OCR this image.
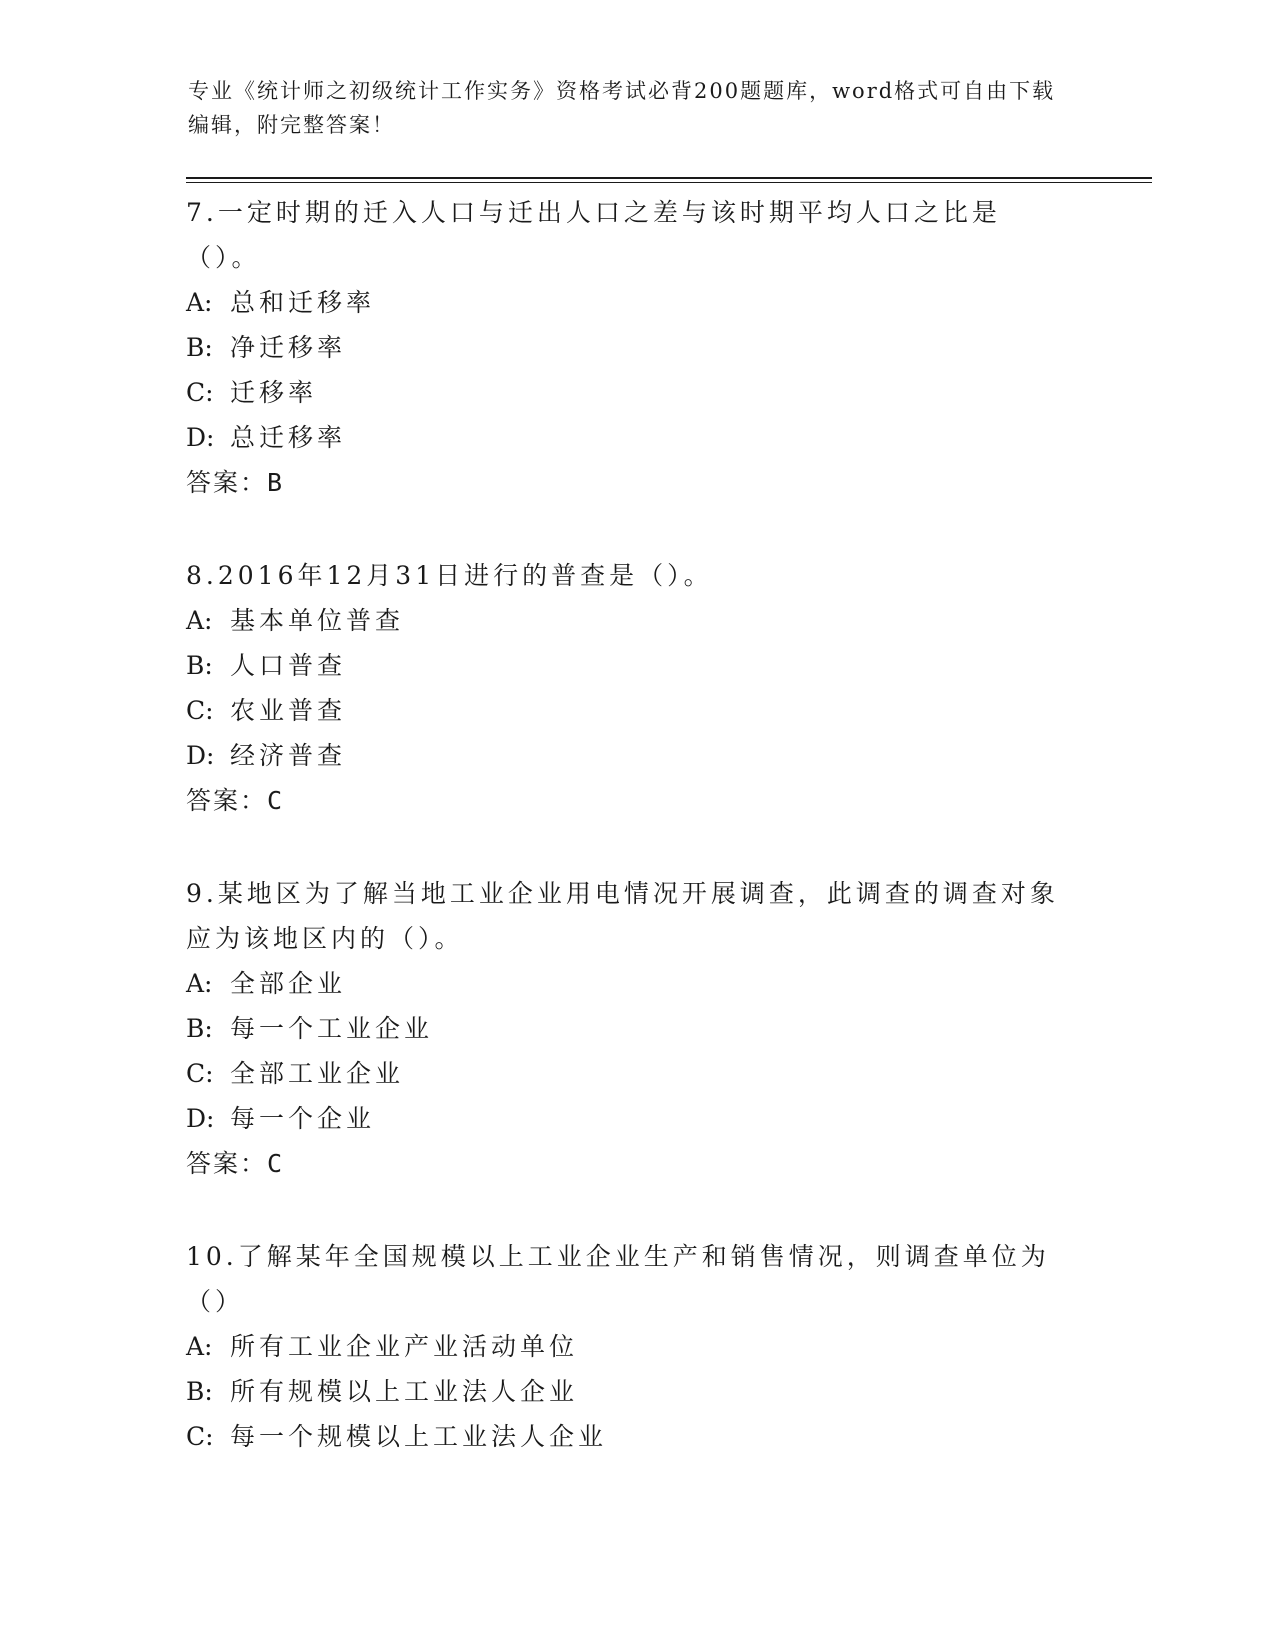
专业《统计师之初级统计工作实务》资格考试必背200题题库，word格式可自由下载编辑，附完整答案！

7.一定时期的迁入人口与迁出人口之差与该时期平均人口之比是（）。

A: 总和迁移率
B: 净迁移率
C: 迁移率
D: 总迁移率
答案：B

8.2016年12月31日进行的普查是（）。

A: 基本单位普查
B: 人口普查
C: 农业普查
D: 经济普查
答案：C

9.某地区为了解当地工业企业用电情况开展调查，此调查的调查对象应为该地区内的（）。

A: 全部企业
B: 每一个工业企业
C: 全部工业企业
D: 每一个企业
答案：C

10.了解某年全国规模以上工业企业生产和销售情况，则调查单位为（）

A: 所有工业企业产业活动单位
B: 所有规模以上工业法人企业
C: 每一个规模以上工业法人企业
